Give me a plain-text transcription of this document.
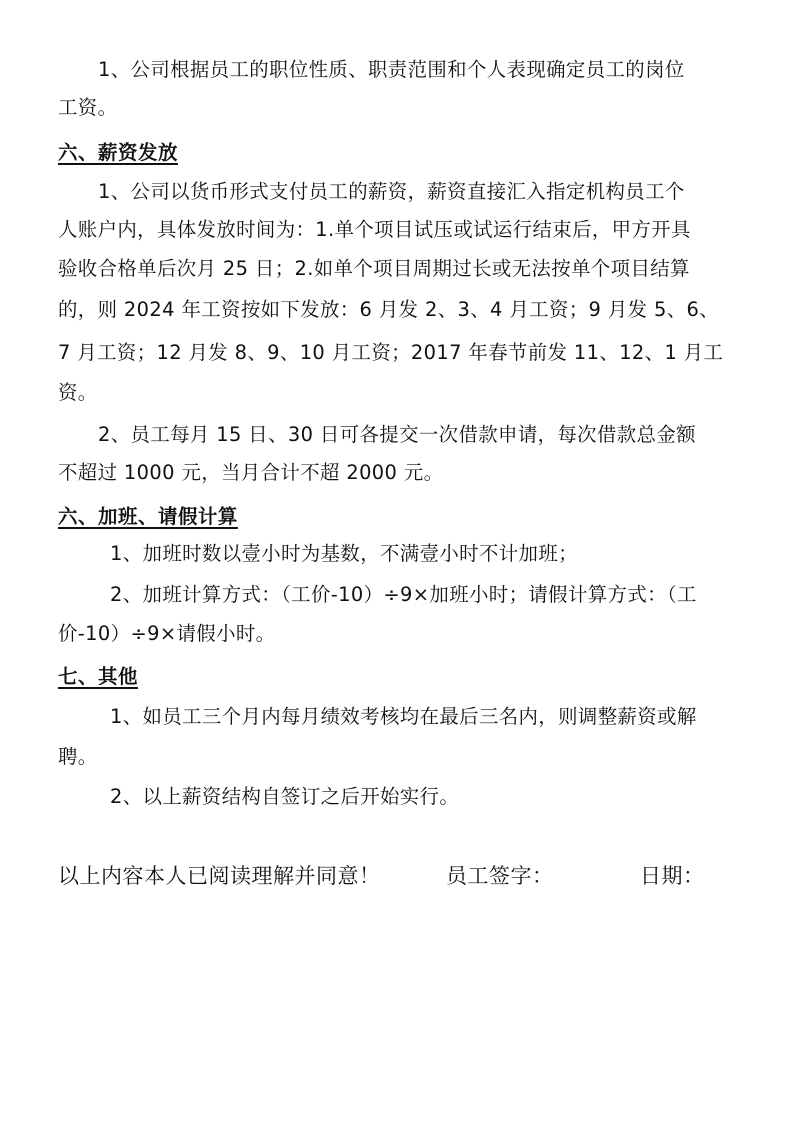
1、公司根据员工的职位性质、职责范围和个人表现确定员工的岗位
工资。
六、薪资发放
1、公司以货币形式支付员工的薪资，薪资直接汇入指定机构员工个
人账户内，具体发放时间为：1.单个项目试压或试运行结束后，甲方开具
验收合格单后次月 25 日；2.如单个项目周期过长或无法按单个项目结算
的，则 2024 年工资按如下发放：6 月发 2、3、4 月工资；9 月发 5、6、
7 月工资；12 月发 8、9、10 月工资；2017 年春节前发 11、12、1 月工
资。
2、员工每月 15 日、30 日可各提交一次借款申请，每次借款总金额
不超过 1000 元，当月合计不超 2000 元。
六、加班、请假计算
1、加班时数以壹小时为基数，不满壹小时不计加班；
2、加班计算方式：（工价-10）÷9×加班小时；请假计算方式：（工
价-10）÷9×请假小时。
七、其他
1、如员工三个月内每月绩效考核均在最后三名内，则调整薪资或解
聘。
2、以上薪资结构自签订之后开始实行。
以上内容本人已阅读理解并同意！	员工签字：	日期：
